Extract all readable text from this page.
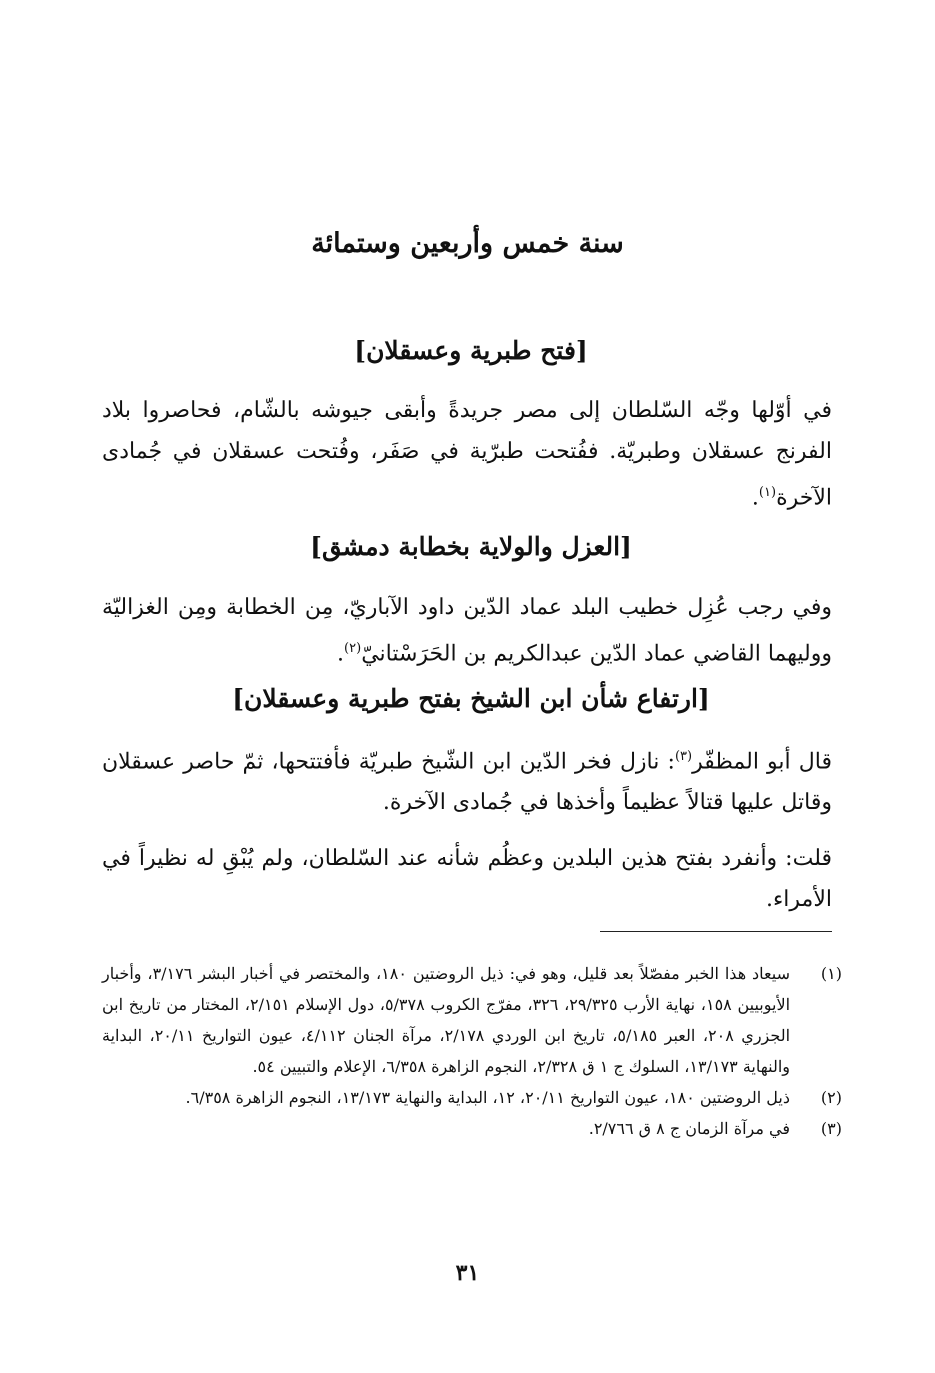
سنة خمس وأربعين وستمائة
[فتح طبرية وعسقلان]

في أوّلها وجّه السّلطان إلى مصر جريدةً وأبقى جيوشه بالشّام، فحاصروا بلاد الفرنج عسقلان وطبريّة. ففُتحت طبرّية في صَفَر، وفُتحت عسقلان في جُمادى الآخرة$^{(١)}$.

[العزل والولاية بخطابة دمشق]

وفي رجب عُزِل خطيب البلد عماد الدّين داود الآباريّ، مِن الخطابة ومِن الغزاليّة ووليهما القاضي عماد الدّين عبدالكريم بن الحَرَسْتانيّ$^{(٢)}$.

[ارتفاع شأن ابن الشيخ بفتح طبرية وعسقلان]

قال أبو المظفّر$^{(٣)}$: نازل فخر الدّين ابن الشّيخ طبريّة فأفتتحها، ثمّ حاصر عسقلان وقاتل عليها قتالاً عظيماً وأخذها في جُمادى الآخرة.

قلت: وأنفرد بفتح هذين البلدين وعظُم شأنه عند السّلطان، ولم يُبْقِ له نظيراً في الأمراء.

(١)
سيعاد هذا الخبر مفصّلاً بعد قليل، وهو في: ذيل الروضتين ١٨٠، والمختصر في أخبار البشر ٣/١٧٦، وأخبار الأيوبيين ١٥٨، نهاية الأرب ٢٩/٣٢٥، ٣٢٦، مفرّج الكروب ٥/٣٧٨، دول الإسلام ٢/١٥١، المختار من تاريخ ابن الجزري ٢٠٨، العبر ٥/١٨٥، تاريخ ابن الوردي ٢/١٧٨، مرآة الجنان ٤/١١٢، عيون التواريخ ٢٠/١١، البداية والنهاية ١٣/١٧٣، السلوك ج ١ ق ٢/٣٢٨، النجوم الزاهرة ٦/٣٥٨، الإعلام والتبيين ٥٤.
(٢)
ذيل الروضتين ١٨٠، عيون التواريخ ٢٠/١١، ١٢، البداية والنهاية ١٣/١٧٣، النجوم الزاهرة ٦/٣٥٨.
(٣)
في مرآة الزمان ج ٨ ق ٢/٧٦٦.
٣١
